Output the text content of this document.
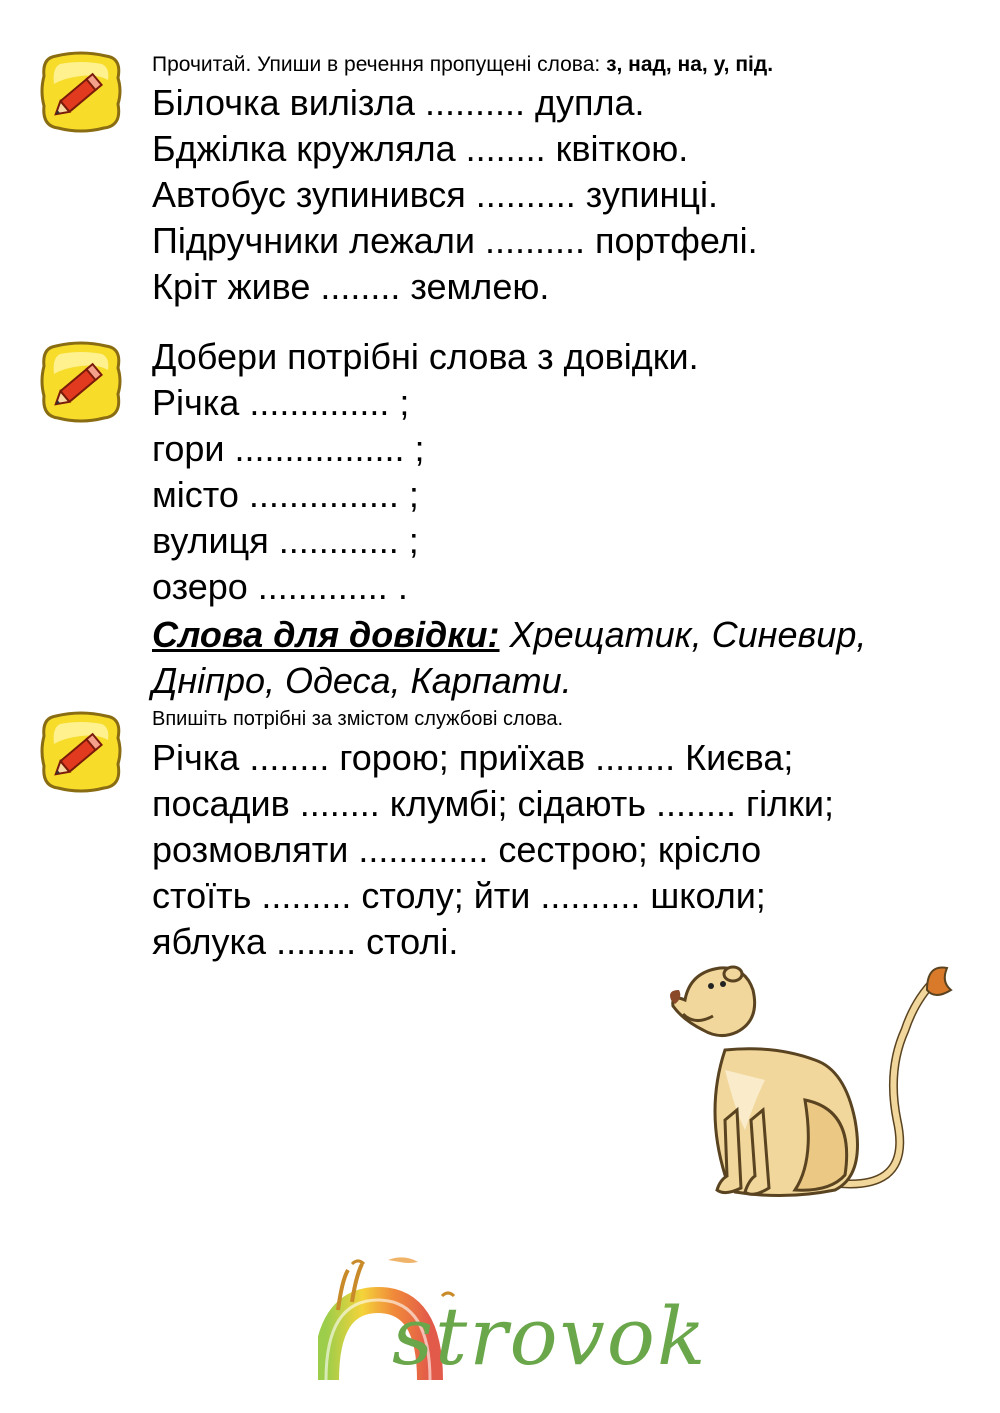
Прочитай. Упиши в речення пропущені слова: з, над, на, у, під.
Білочка вилізла .......... дупла.
Бджілка кружляла ........ квіткою.
Автобус зупинився .......... зупинці.
Підручники лежали .......... портфелі.
Кріт живе ........ землею.
Добери потрібні слова з довідки.
Річка .............. ;
гори ................. ;
місто ............... ;
вулиця ............ ;
озеро ............. .
Слова для довідки: Хрещатик, Синевир,
Дніпро, Одеса, Карпати.
Впишіть потрібні за змістом службові слова.
Річка ........ горою; приїхав ........ Києва;
посадив ........ клумбі; сідають ........ гілки;
розмовляти ............. сестрою; крісло
стоїть ......... столу; йти .......... школи;
яблука ........ столі.
strovok
